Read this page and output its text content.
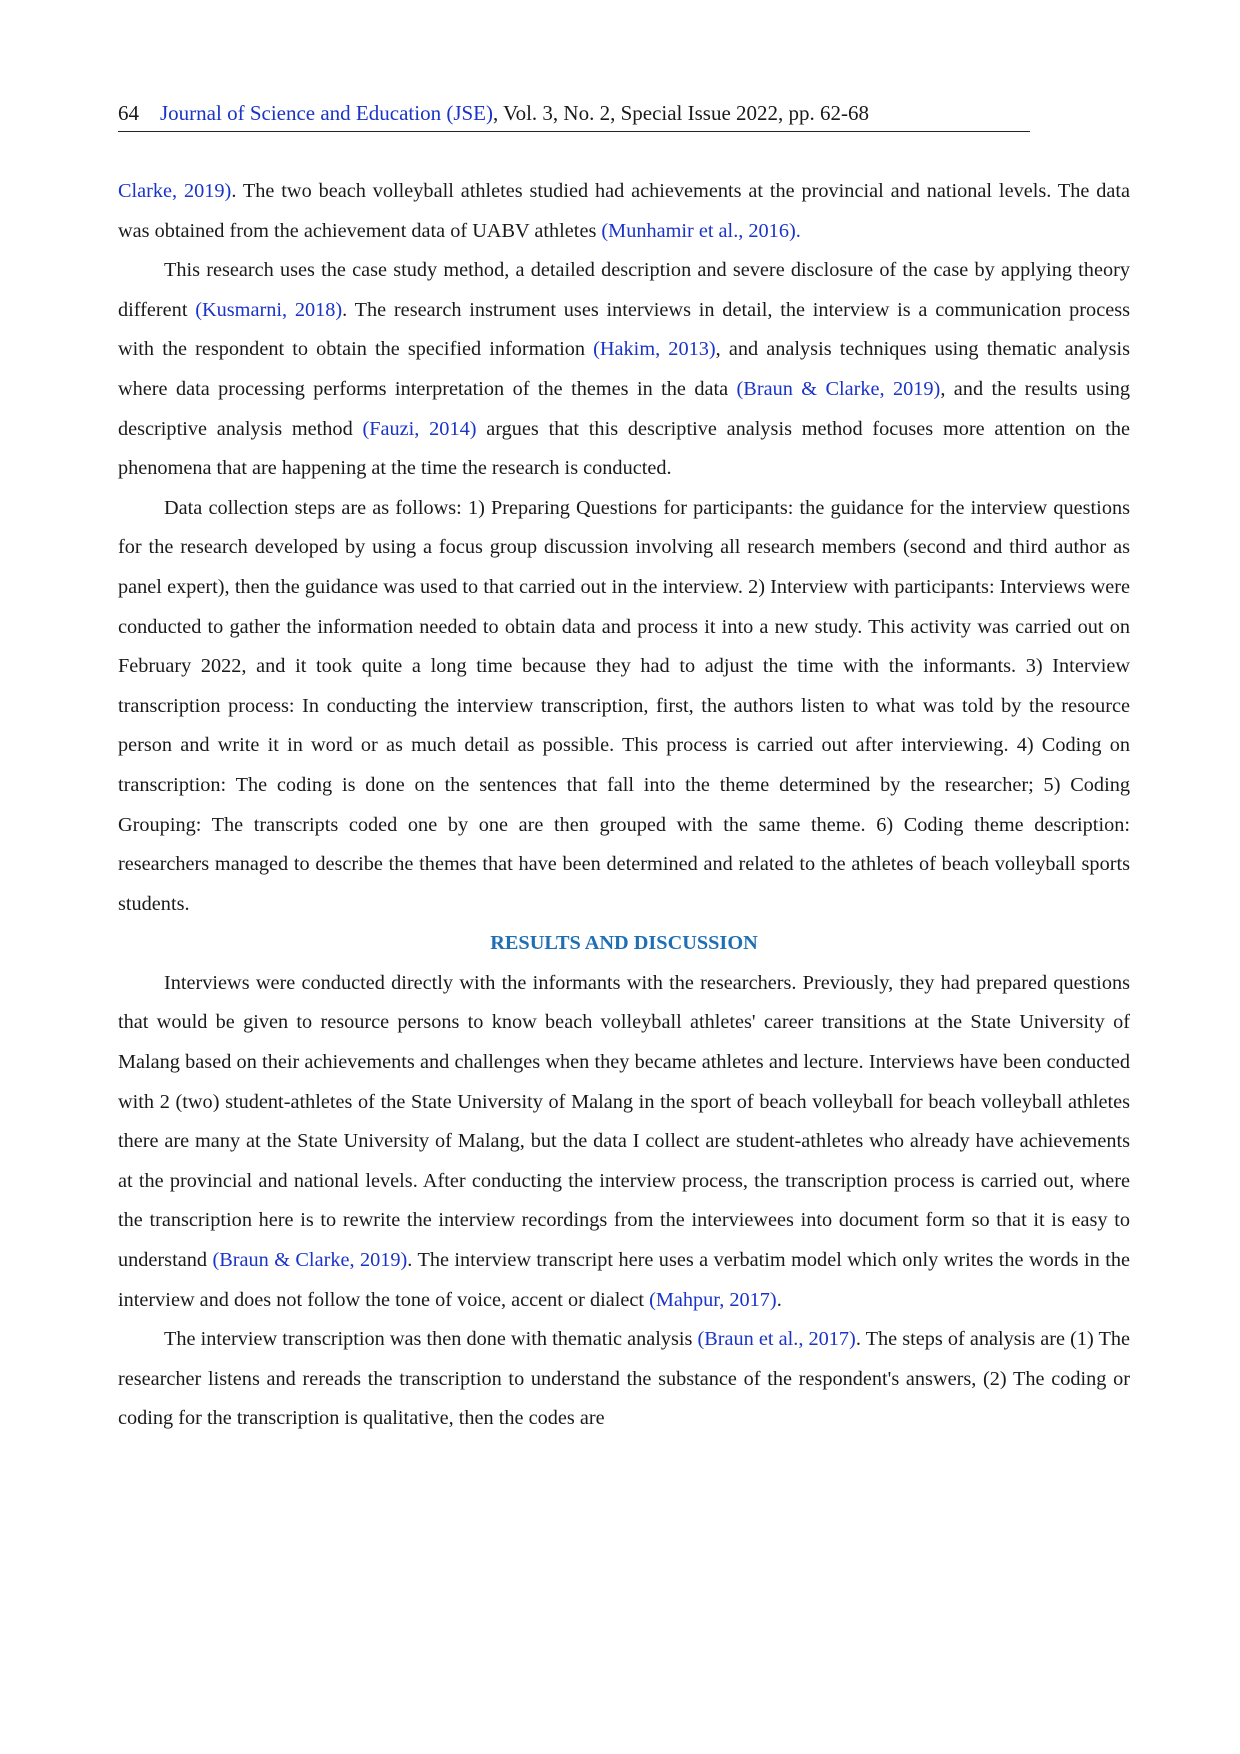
64 Journal of Science and Education (JSE), Vol. 3, No. 2, Special Issue 2022, pp. 62-68

Clarke, 2019). The two beach volleyball athletes studied had achievements at the provincial and national levels. The data was obtained from the achievement data of UABV athletes (Munhamir et al., 2016).

This research uses the case study method, a detailed description and severe disclosure of the case by applying theory different (Kusmarni, 2018). The research instrument uses interviews in detail, the interview is a communication process with the respondent to obtain the specified information (Hakim, 2013), and analysis techniques using thematic analysis where data processing performs interpretation of the themes in the data (Braun & Clarke, 2019), and the results using descriptive analysis method (Fauzi, 2014) argues that this descriptive analysis method focuses more attention on the phenomena that are happening at the time the research is conducted.

Data collection steps are as follows: 1) Preparing Questions for participants: the guidance for the interview questions for the research developed by using a focus group discussion involving all research members (second and third author as panel expert), then the guidance was used to that carried out in the interview. 2) Interview with participants: Interviews were conducted to gather the information needed to obtain data and process it into a new study. This activity was carried out on February 2022, and it took quite a long time because they had to adjust the time with the informants. 3) Interview transcription process: In conducting the interview transcription, first, the authors listen to what was told by the resource person and write it in word or as much detail as possible. This process is carried out after interviewing. 4) Coding on transcription: The coding is done on the sentences that fall into the theme determined by the researcher; 5) Coding Grouping: The transcripts coded one by one are then grouped with the same theme. 6) Coding theme description: researchers managed to describe the themes that have been determined and related to the athletes of beach volleyball sports students.

RESULTS AND DISCUSSION

Interviews were conducted directly with the informants with the researchers. Previously, they had prepared questions that would be given to resource persons to know beach volleyball athletes' career transitions at the State University of Malang based on their achievements and challenges when they became athletes and lecture. Interviews have been conducted with 2 (two) student-athletes of the State University of Malang in the sport of beach volleyball for beach volleyball athletes there are many at the State University of Malang, but the data I collect are student-athletes who already have achievements at the provincial and national levels. After conducting the interview process, the transcription process is carried out, where the transcription here is to rewrite the interview recordings from the interviewees into document form so that it is easy to understand (Braun & Clarke, 2019). The interview transcript here uses a verbatim model which only writes the words in the interview and does not follow the tone of voice, accent or dialect (Mahpur, 2017).

The interview transcription was then done with thematic analysis (Braun et al., 2017). The steps of analysis are (1) The researcher listens and rereads the transcription to understand the substance of the respondent's answers, (2) The coding or coding for the transcription is qualitative, then the codes are
